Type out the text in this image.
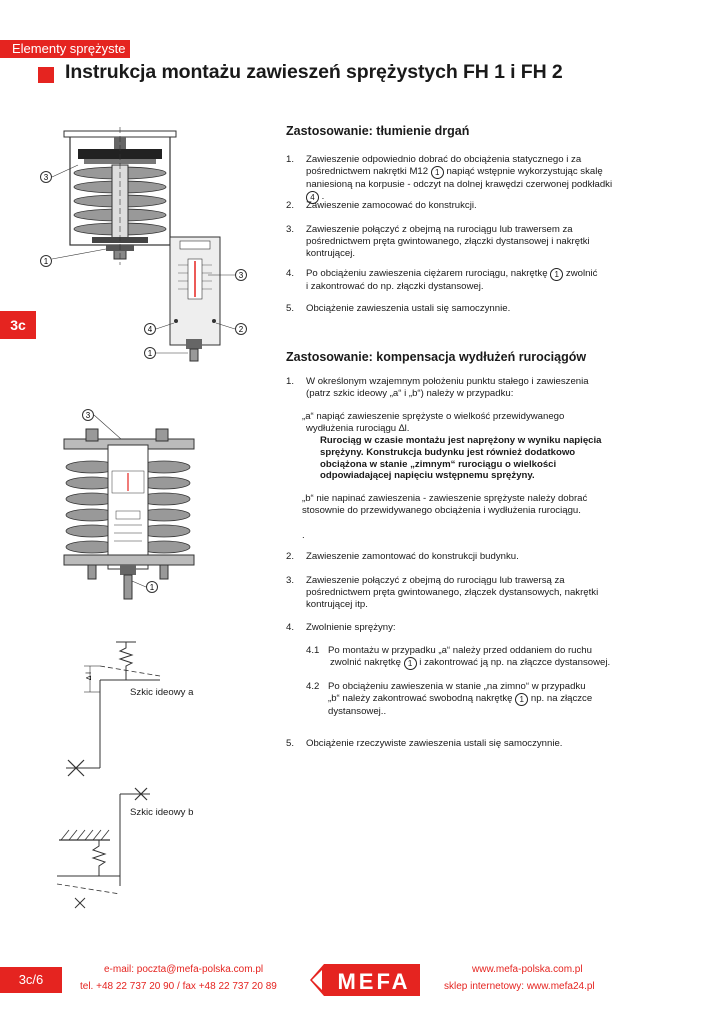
Elementy sprężyste
Instrukcja montażu zawieszeń sprężystych FH 1 i FH 2
3c
Zastosowanie: tłumienie drgań
1. Zawieszenie odpowiednio dobrać do obciążenia statycznego i za
pośrednictwem nakrętki M12 1 napiąć wstępnie wykorzystując skalę
naniesioną na korpusie - odczyt na dolnej krawędzi czerwonej podkładki
4 .
2. Zawieszenie zamocować do konstrukcji.
3. Zawieszenie połączyć z obejmą na rurociągu lub trawersem za
pośrednictwem pręta gwintowanego, złączki dystansowej i nakrętki
kontrującej.
4. Po obciążeniu zawieszenia ciężarem rurociągu, nakrętkę 1 zwolnić
i zakontrować do np. złączki dystansowej.
5. Obciążenie zawieszenia ustali się samoczynnie.
Zastosowanie: kompensacja wydłużeń rurociągów
1. W określonym wzajemnym położeniu punktu stałego i zawieszenia
(patrz szkic ideowy „a“ i „b“) należy w przypadku:
„a“ napiąć zawieszenie sprężyste o wielkość przewidywanego
wydłużenia rurociągu ∆l.
Rurociąg w czasie montażu jest naprężony w wyniku napięcia
sprężyny. Konstrukcja budynku jest również dodatkowo
obciążona w stanie „zimnym“ rurociągu o wielkości
odpowiadającej napięciu wstępnemu sprężyny.
„b“ nie napinać zawieszenia - zawieszenie sprężyste należy dobrać
stosownie do przewidywanego obciążenia i wydłużenia rurociągu.
.
2. Zawieszenie zamontować do konstrukcji budynku.
3. Zawieszenie połączyć z obejmą do rurociągu lub trawersą za
pośrednictwem pręta gwintowanego, złączek dystansowych, nakrętki
kontrującej itp.
4. Zwolnienie sprężyny:
4.1 Po montażu w przypadku „a“ należy przed oddaniem do ruchu
zwolnić nakrętkę 1 i zakontrować ją np. na złączce dystansowej.
4.2 Po obciążeniu zawieszenia w stanie „na zimno“ w przypadku
„b“ należy zakontrować swobodną nakrętkę 1 np. na złączce
dystansowej..
5. Obciążenie rzeczywiste zawieszenia ustali się samoczynnie.
3
1
3
4	2
1
3
1
∆ l
Szkic ideowy a
Szkic ideowy b
3c/6
e-mail: poczta@mefa-polska.com.pl
tel. +48 22 737 20 90 / fax +48 22 737 20 89	MEFA	www.mefa-polska.com.pl
sklep internetowy: www.mefa24.pl
